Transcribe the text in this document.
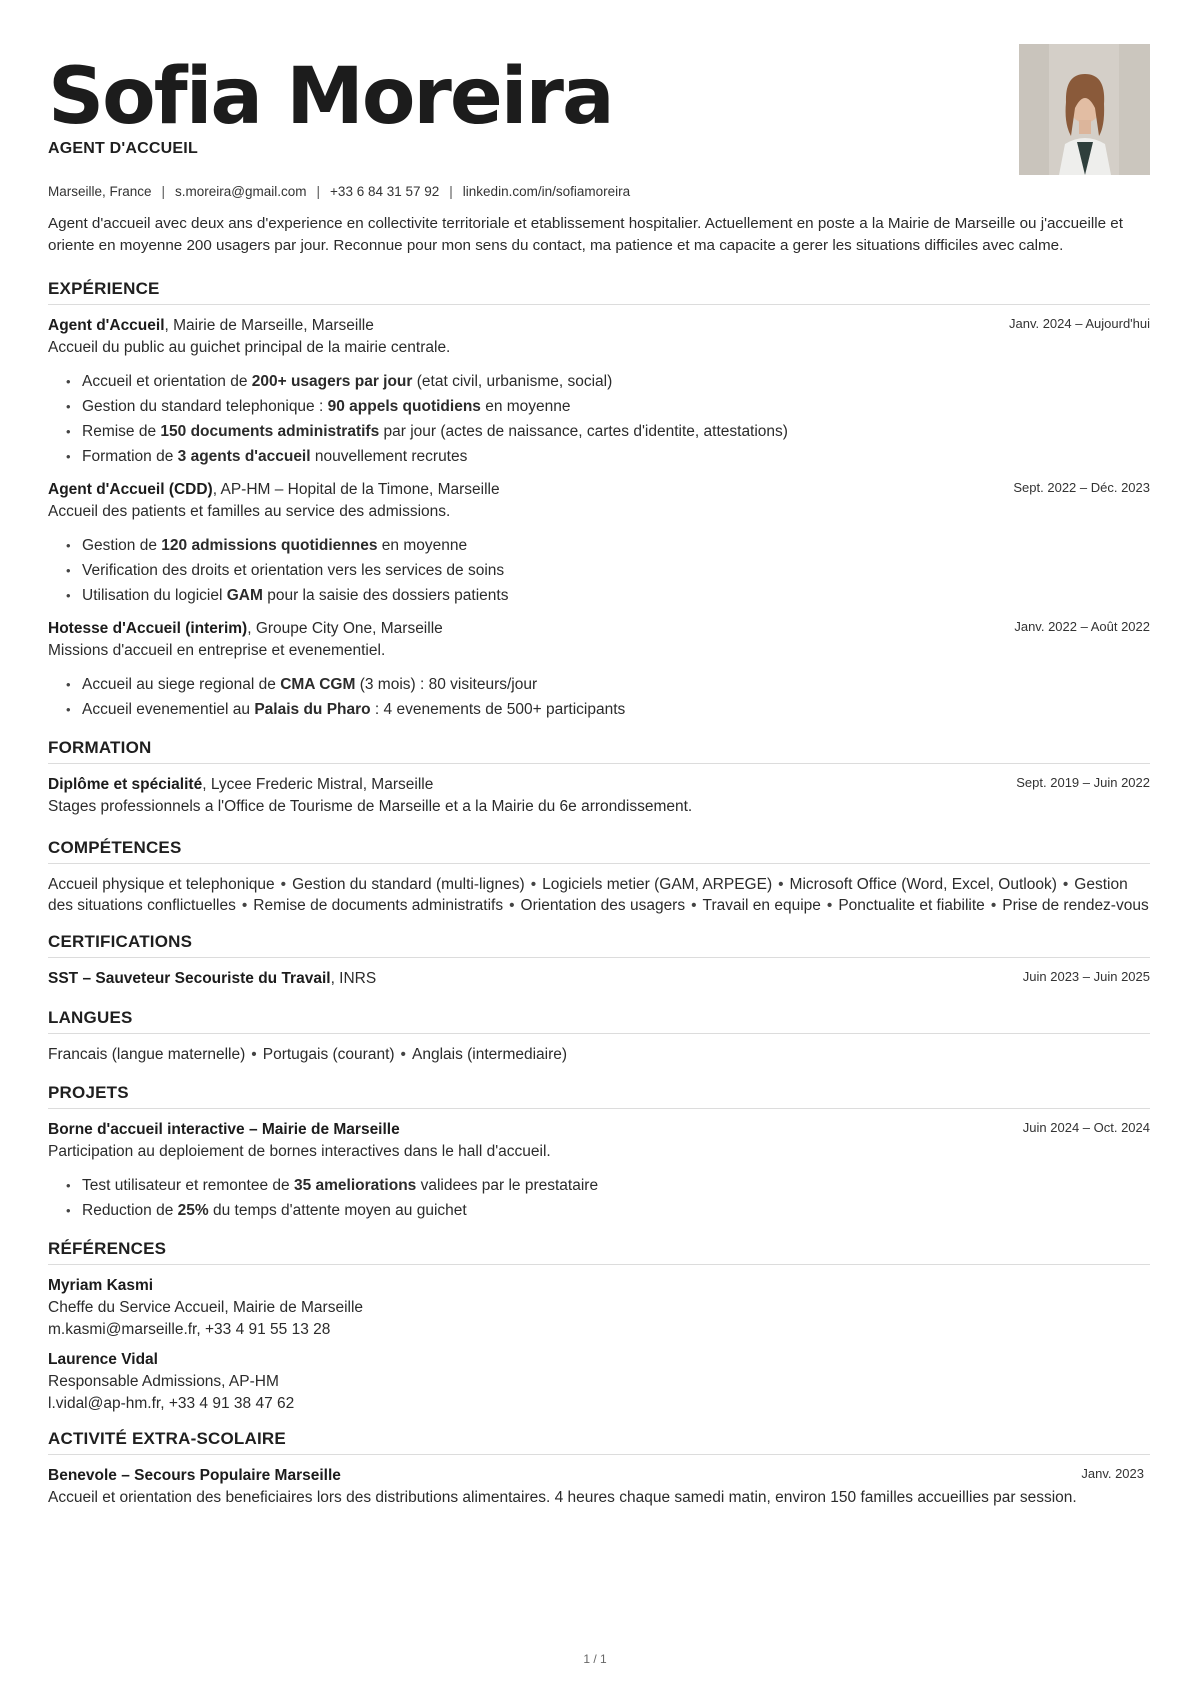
Sofia Moreira
AGENT D'ACCUEIL
Marseille, France | s.moreira@gmail.com | +33 6 84 31 57 92 | linkedin.com/in/sofiamoreira

Agent d'accueil avec deux ans d'experience en collectivite territoriale et etablissement hospitalier. Actuellement en poste a la Mairie de Marseille ou j'accueille et oriente en moyenne 200 usagers par jour. Reconnue pour mon sens du contact, ma patience et ma capacite a gerer les situations difficiles avec calme.

EXPÉRIENCE
Agent d'Accueil, Mairie de Marseille, Marseille	Janv. 2024 – Aujourd'hui
Accueil du public au guichet principal de la mairie centrale.
• Accueil et orientation de 200+ usagers par jour (etat civil, urbanisme, social)
• Gestion du standard telephonique : 90 appels quotidiens en moyenne
• Remise de 150 documents administratifs par jour (actes de naissance, cartes d'identite, attestations)
• Formation de 3 agents d'accueil nouvellement recrutes
Agent d'Accueil (CDD), AP-HM – Hopital de la Timone, Marseille	Sept. 2022 – Déc. 2023
Accueil des patients et familles au service des admissions.
• Gestion de 120 admissions quotidiennes en moyenne
• Verification des droits et orientation vers les services de soins
• Utilisation du logiciel GAM pour la saisie des dossiers patients
Hotesse d'Accueil (interim), Groupe City One, Marseille	Janv. 2022 – Août 2022
Missions d'accueil en entreprise et evenementiel.
• Accueil au siege regional de CMA CGM (3 mois) : 80 visiteurs/jour
• Accueil evenementiel au Palais du Pharo : 4 evenements de 500+ participants
FORMATION
Diplôme et spécialité, Lycee Frederic Mistral, Marseille	Sept. 2019 – Juin 2022
Stages professionnels a l'Office de Tourisme de Marseille et a la Mairie du 6e arrondissement.
COMPÉTENCES
Accueil physique et telephonique • Gestion du standard (multi-lignes) • Logiciels metier (GAM, ARPEGE) • Microsoft Office (Word, Excel, Outlook) • Gestion des situations conflictuelles • Remise de documents administratifs • Orientation des usagers • Travail en equipe • Ponctualite et fiabilite • Prise de rendez-vous
CERTIFICATIONS
SST – Sauveteur Secouriste du Travail, INRS	Juin 2023 – Juin 2025
LANGUES
Francais (langue maternelle) • Portugais (courant) • Anglais (intermediaire)
PROJETS
Borne d'accueil interactive – Mairie de Marseille	Juin 2024 – Oct. 2024
Participation au deploiement de bornes interactives dans le hall d'accueil.
• Test utilisateur et remontee de 35 ameliorations validees par le prestataire
• Reduction de 25% du temps d'attente moyen au guichet
RÉFÉRENCES
Myriam Kasmi
Cheffe du Service Accueil, Mairie de Marseille
m.kasmi@marseille.fr, +33 4 91 55 13 28
Laurence Vidal
Responsable Admissions, AP-HM
l.vidal@ap-hm.fr, +33 4 91 38 47 62
ACTIVITÉ EXTRA-SCOLAIRE
Benevole – Secours Populaire Marseille	Janv. 2023
Accueil et orientation des beneficiaires lors des distributions alimentaires. 4 heures chaque samedi matin, environ 150 familles accueillies par session.
1 / 1
